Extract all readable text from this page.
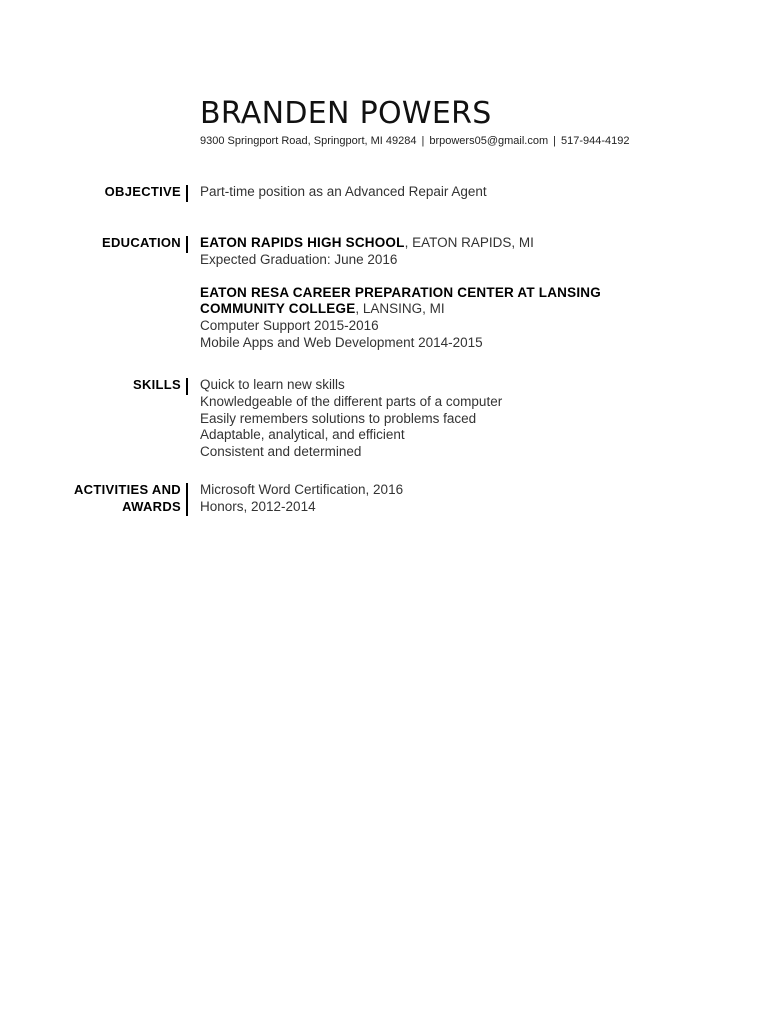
BRANDEN POWERS
9300 Springport Road, Springport, MI 49284 | brpowers05@gmail.com | 517-944-4192
OBJECTIVE Part-time position as an Advanced Repair Agent
EDUCATION EATON RAPIDS HIGH SCHOOL, EATON RAPIDS, MI
Expected Graduation: June 2016
EATON RESA CAREER PREPARATION CENTER AT LANSING
COMMUNITY COLLEGE, LANSING, MI
Computer Support 2015-2016
Mobile Apps and Web Development 2014-2015
SKILLS Quick to learn new skills
Knowledgeable of the different parts of a computer
Easily remembers solutions to problems faced
Adaptable, analytical, and efficient
Consistent and determined
ACTIVITIES AND
AWARDS
Microsoft Word Certification, 2016
Honors, 2012-2014
